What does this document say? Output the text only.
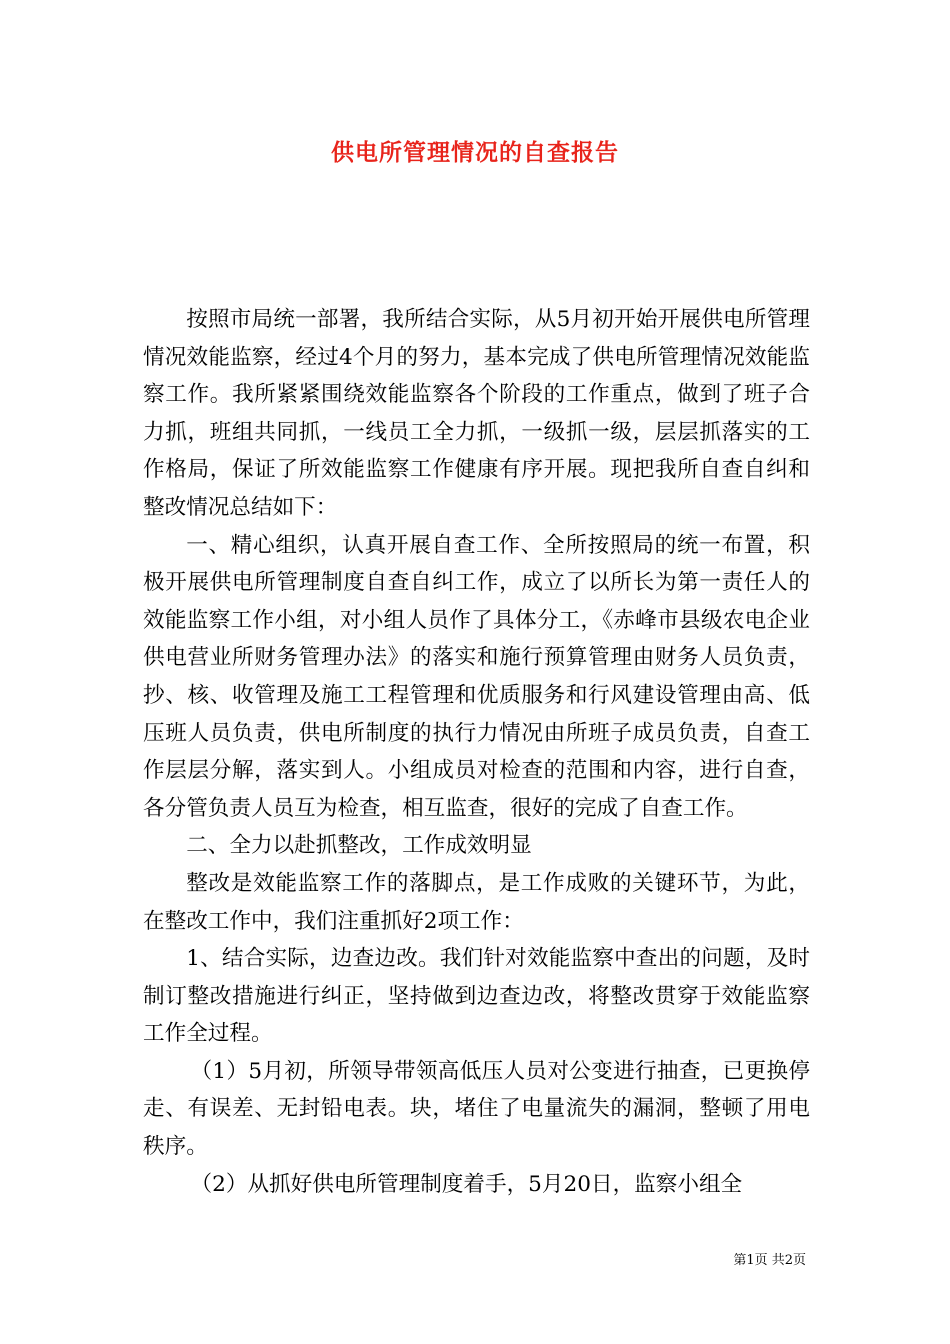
供电所管理情况的自查报告

按照市局统一部署，我所结合实际，从5月初开始开展供电所管理情况效能监察，经过4个月的努力，基本完成了供电所管理情况效能监察工作。我所紧紧围绕效能监察各个阶段的工作重点，做到了班子合力抓，班组共同抓，一线员工全力抓，一级抓一级，层层抓落实的工作格局，保证了所效能监察工作健康有序开展。现把我所自查自纠和整改情况总结如下：

一、精心组织，认真开展自查工作、全所按照局的统一布置，积极开展供电所管理制度自查自纠工作，成立了以所长为第一责任人的效能监察工作小组，对小组人员作了具体分工，《赤峰市县级农电企业供电营业所财务管理办法》的落实和施行预算管理由财务人员负责，抄、核、收管理及施工工程管理和优质服务和行风建设管理由高、低压班人员负责，供电所制度的执行力情况由所班子成员负责，自查工作层层分解，落实到人。小组成员对检查的范围和内容，进行自查，各分管负责人员互为检查，相互监查，很好的完成了自查工作。

二、全力以赴抓整改，工作成效明显

整改是效能监察工作的落脚点，是工作成败的关键环节，为此，在整改工作中，我们注重抓好2项工作：

1、结合实际，边查边改。我们针对效能监察中查出的问题，及时制订整改措施进行纠正，坚持做到边查边改，将整改贯穿于效能监察工作全过程。

（1）5月初，所领导带领高低压人员对公变进行抽查，已更换停走、有误差、无封铅电表。块，堵住了电量流失的漏洞，整顿了用电秩序。

（2）从抓好供电所管理制度着手，5月20日，监察小组全

第1页 共2页
